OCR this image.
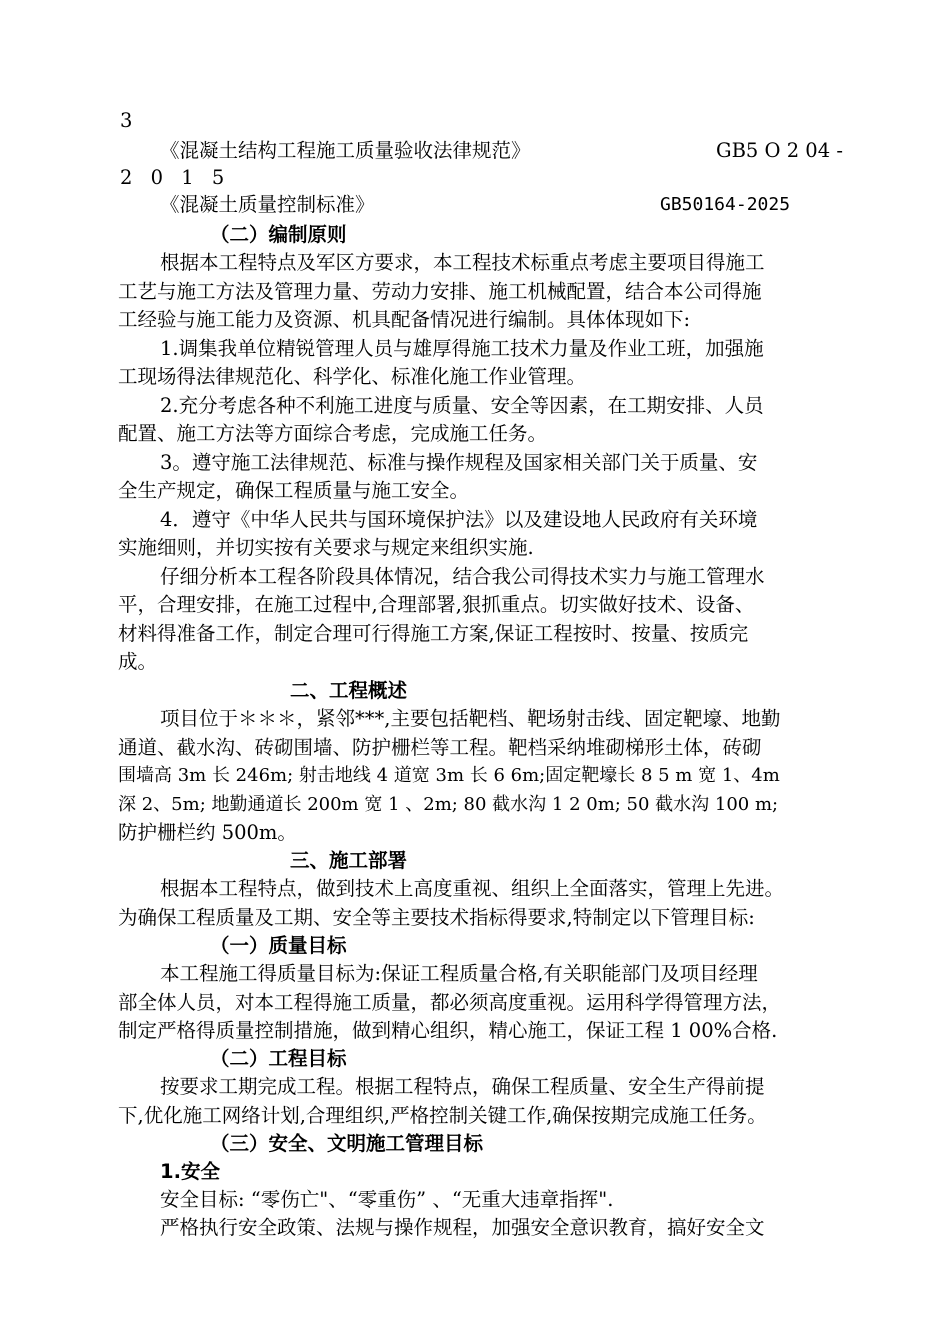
3

《混凝土结构工程施工质量验收法律规范》	GB5 O 2 04 -

2 0 1 5

《混凝土质量控制标准》	GB50164-2025

（二）编制原则

根据本工程特点及军区方要求，本工程技术标重点考虑主要项目得施工

工艺与施工方法及管理力量、劳动力安排、施工机械配置，结合本公司得施

工经验与施工能力及资源、机具配备情况进行编制。具体体现如下:

1.调集我单位精锐管理人员与雄厚得施工技术力量及作业工班，加强施

工现场得法律规范化、科学化、标准化施工作业管理。

2.充分考虑各种不利施工进度与质量、安全等因素，在工期安排、人员

配置、施工方法等方面综合考虑，完成施工任务。

3。遵守施工法律规范、标准与操作规程及国家相关部门关于质量、安

全生产规定，确保工程质量与施工安全。

4．遵守《中华人民共与国环境保护法》以及建设地人民政府有关环境

实施细则，并切实按有关要求与规定来组织实施.

仔细分析本工程各阶段具体情况，结合我公司得技术实力与施工管理水

平，合理安排，在施工过程中,合理部署,狠抓重点。切实做好技术、设备、

材料得准备工作，制定合理可行得施工方案,保证工程按时、按量、按质完

成。

二、工程概述

项目位于＊＊＊，紧邻***,主要包括靶档、靶场射击线、固定靶壕、地勤

通道、截水沟、砖砌围墙、防护栅栏等工程。靶档采纳堆砌梯形土体，砖砌

围墙高 3m 长 246m; 射击地线 4 道宽 3m 长 6 6m;固定靶壕长 8 5 m 宽 1、4m

深 2、5m; 地勤通道长 200m 宽 1 、2m; 80 截水沟 1 2 0m; 50 截水沟 100 m;

防护栅栏约 500m。

三、施工部署

根据本工程特点，做到技术上高度重视、组织上全面落实，管理上先进。

为确保工程质量及工期、安全等主要技术指标得要求,特制定以下管理目标:

（一）质量目标

本工程施工得质量目标为:保证工程质量合格,有关职能部门及项目经理

部全体人员，对本工程得施工质量，都必须高度重视。运用科学得管理方法，

制定严格得质量控制措施，做到精心组织，精心施工，保证工程 1 00%合格.

（二）工程目标

按要求工期完成工程。根据工程特点，确保工程质量、安全生产得前提

下,优化施工网络计划,合理组织,严格控制关键工作,确保按期完成施工任务。

（三）安全、文明施工管理目标

1.安全

安全目标: “零伤亡"、“零重伤” 、“无重大违章指挥".

严格执行安全政策、法规与操作规程，加强安全意识教育，搞好安全文
